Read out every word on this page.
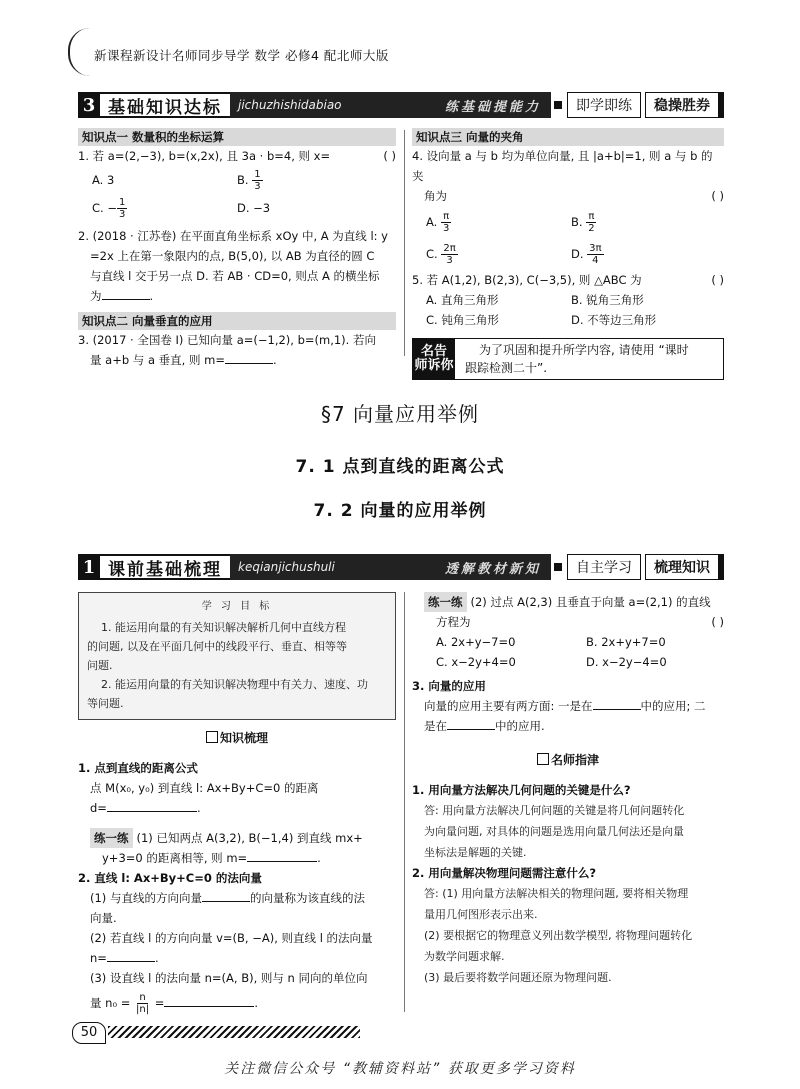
新课程新设计名师同步导学 数学 必修4 配北师大版
3 基础知识达标	jichuzhishidabiao	练基础提能力	即学即练	稳操胜券
知识点一 数量积的坐标运算
1. 若 a=(2,−3), b=(x,2x), 且 3a · b=4, 则 x=	( )
A. 3	B. $\frac{1}{3}$
C. − $\frac{1}{3}$	D. −3
2. (2018 · 江苏卷) 在平面直角坐标系 xOy 中, A 为直线 l: y
=2x 上在第一象限内的点, B(5,0), 以 AB 为直径的圆 C
与直线 l 交于另一点 D. 若 AB · CD=0, 则点 A 的横坐标
为	.
知识点二 向量垂直的应用
3. (2017 · 全国卷 Ⅰ) 已知向量 a=(−1,2), b=(m,1). 若向
量 a+b 与 a 垂直, 则 m=	.
知识点三 向量的夹角
4. 设向量 a 与 b 均为单位向量, 且 |a+b|=1, 则 a 与 b 的夹
角为	( )
A. $\frac{\pi}{3}$	B. $\frac{\pi}{2}$
C. $\frac{2\pi}{3}$	D. $\frac{3\pi}{4}$
5. 若 A(1,2), B(2,3), C(−3,5), 则 △ABC 为	( )
A. 直角三角形	B. 锐角三角形
C. 钝角三角形	D. 不等边三角形
名告
师诉你
为了巩固和提升所学内容, 请使用 “课时
跟踪检测二十”.
§7 向量应用举例
7. 1 点到直线的距离公式
7. 2 向量的应用举例
1 课前基础梳理	keqianjichushuli	透解教材新知	自主学习	梳理知识
学 习 目 标
1. 能运用向量的有关知识解决解析几何中直线方程
的问题, 以及在平面几何中的线段平行、垂直、相等等
问题.
2. 能运用向量的有关知识解决物理中有关力、速度、功
等问题.
知识梳理
1. 点到直线的距离公式
点 M(x₀, y₀) 到直线 l: Ax+By+C=0 的距离
d=	.
练一练 (1) 已知两点 A(3,2), B(−1,4) 到直线 mx+
y+3=0 的距离相等, 则 m=	.
2. 直线 l: Ax+By+C=0 的法向量
(1) 与直线的方向向量	的向量称为该直线的法
向量.
(2) 若直线 l 的方向向量 v=(B, −A), 则直线 l 的法向量
n=	.
(3) 设直线 l 的法向量 n=(A, B), 则与 n 同向的单位向
量 $n_0 = \frac{n}{|n|}$ =	.
练一练 (2) 过点 A(2,3) 且垂直于向量 a=(2,1) 的直线
方程为	( )
A. 2x+y−7=0	B. 2x+y+7=0
C. x−2y+4=0	D. x−2y−4=0
3. 向量的应用
向量的应用主要有两方面: 一是在	中的应用; 二
是在	中的应用.
名师指津
1. 用向量方法解决几何问题的关键是什么?
答: 用向量方法解决几何问题的关键是将几何问题转化
为向量问题, 对具体的问题是选用向量几何法还是向量
坐标法是解题的关键.
2. 用向量解决物理问题需注意什么?
答: (1) 用向量方法解决相关的物理问题, 要将相关物理
量用几何图形表示出来.
(2) 要根据它的物理意义列出数学模型, 将物理问题转化
为数学问题求解.
(3) 最后要将数学问题还原为物理问题.
50
关注微信公众号 “教辅资料站” 获取更多学习资料
